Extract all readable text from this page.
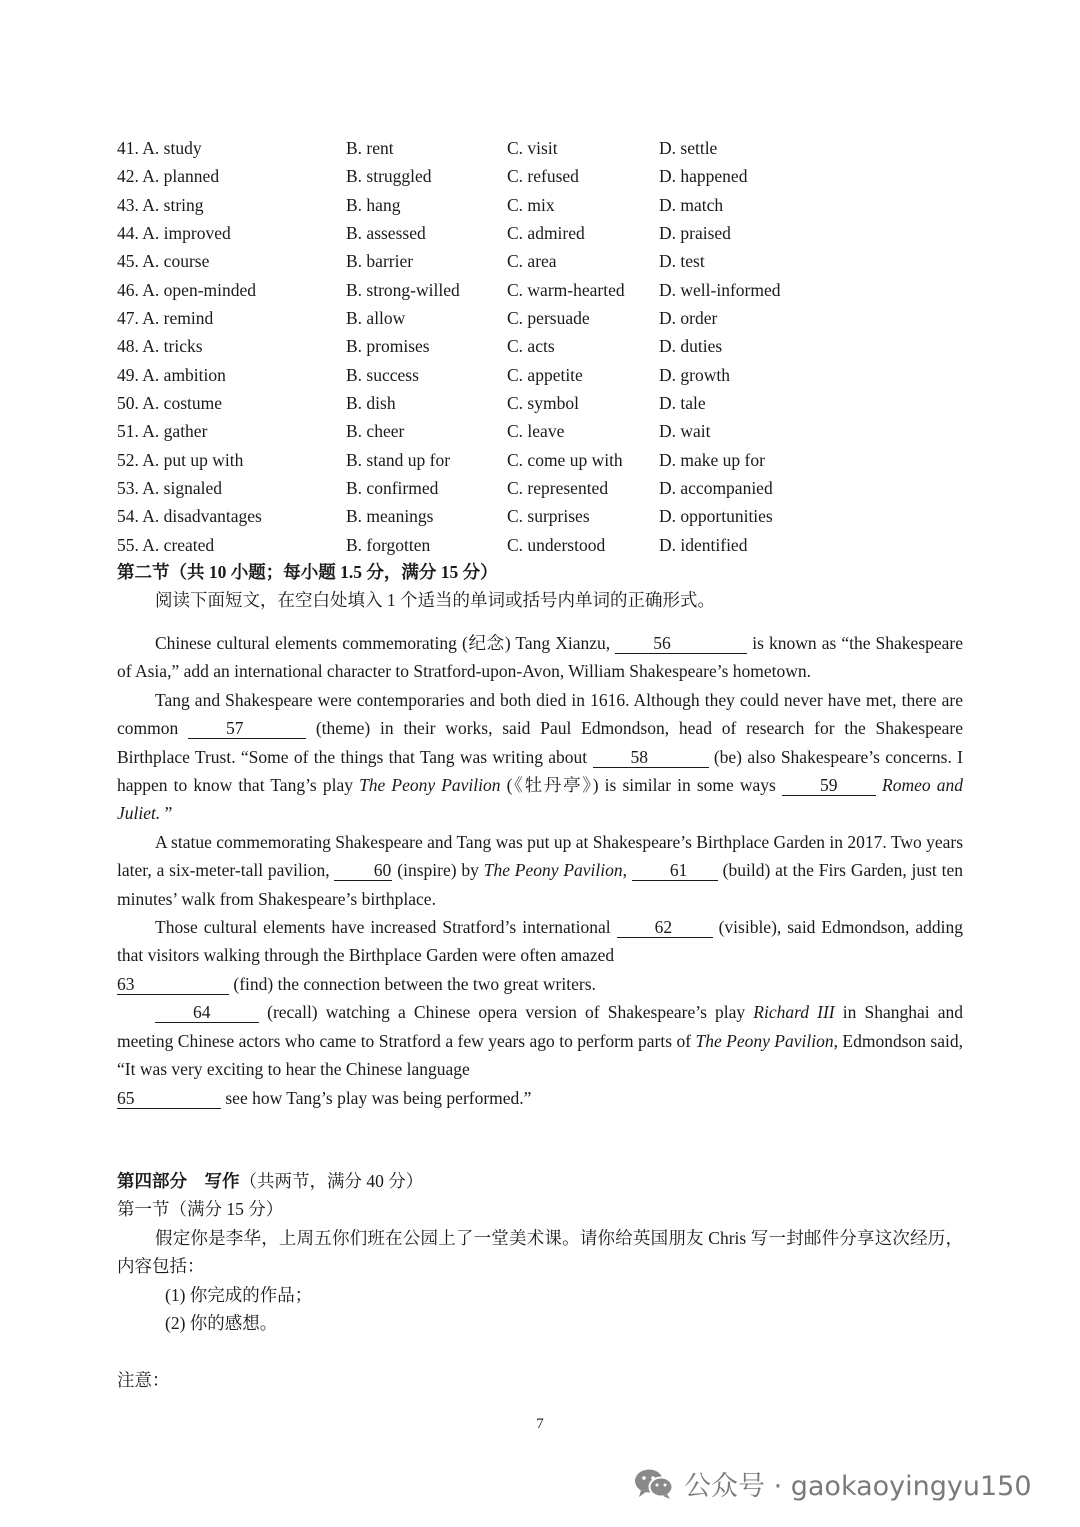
41. A. study	B. rent	C. visit	D. settle
42. A. planned	B. struggled	C. refused	D. happened
43. A. string	B. hang	C. mix	D. match
44. A. improved	B. assessed	C. admired	D. praised
45. A. course	B. barrier	C. area	D. test
46. A. open-minded	B. strong-willed	C. warm-hearted	D. well-informed
47. A. remind	B. allow	C. persuade	D. order
48. A. tricks	B. promises	C. acts	D. duties
49. A. ambition	B. success	C. appetite	D. growth
50. A. costume	B. dish	C. symbol	D. tale
51. A. gather	B. cheer	C. leave	D. wait
52. A. put up with	B. stand up for	C. come up with	D. make up for
53. A. signaled	B. confirmed	C. represented	D. accompanied
54. A. disadvantages	B. meanings	C. surprises	D. opportunities
55. A. created	B. forgotten	C. understood	D. identified
第二节（共 10 小题；每小题 1.5 分，满分 15 分）
阅读下面短文，在空白处填入 1 个适当的单词或括号内单词的正确形式。

Chinese cultural elements commemorating (纪念) Tang Xianzu, 56	is known as “the Shakespeare of Asia,” add an international character to Stratford-upon-Avon, William Shakespeare’s hometown.

Tang and Shakespeare were contemporaries and both died in 1616. Although they could never have met, there are common 57	(theme) in their works, said Paul Edmondson, head of research for the Shakespeare Birthplace Trust. “Some of the things that Tang was writing about 58	(be) also Shakespeare’s concerns. I happen to know that Tang’s play The Peony Pavilion (《牡丹亭》) is similar in some ways 59	Romeo and Juliet. ”

A statue commemorating Shakespeare and Tang was put up at Shakespeare’s Birthplace Garden in 2017. Two years later, a six-meter-tall pavilion, 60 (inspire) by The Peony Pavilion, 61 (build) at the Firs Garden, just ten minutes’ walk from Shakespeare’s birthplace.

Those cultural elements have increased Stratford’s international 62 (visible), said Edmondson, adding that visitors walking through the Birthplace Garden were often amazed

63	(find) the connection between the two great writers.

64	(recall) watching a Chinese opera version of Shakespeare’s play Richard III in Shanghai and meeting Chinese actors who came to Stratford a few years ago to perform parts of The Peony Pavilion, Edmondson said, “It was very exciting to hear the Chinese language

65	see how Tang’s play was being performed.”

第四部分　写作（共两节，满分 40 分）

第一节（满分 15 分）

假定你是李华，上周五你们班在公园上了一堂美术课。请你给英国朋友 Chris 写一封邮件分享这次经历，内容包括：

(1) 你完成的作品；

(2) 你的感想。

注意：
7
公众号 · gaokaoyingyu150
